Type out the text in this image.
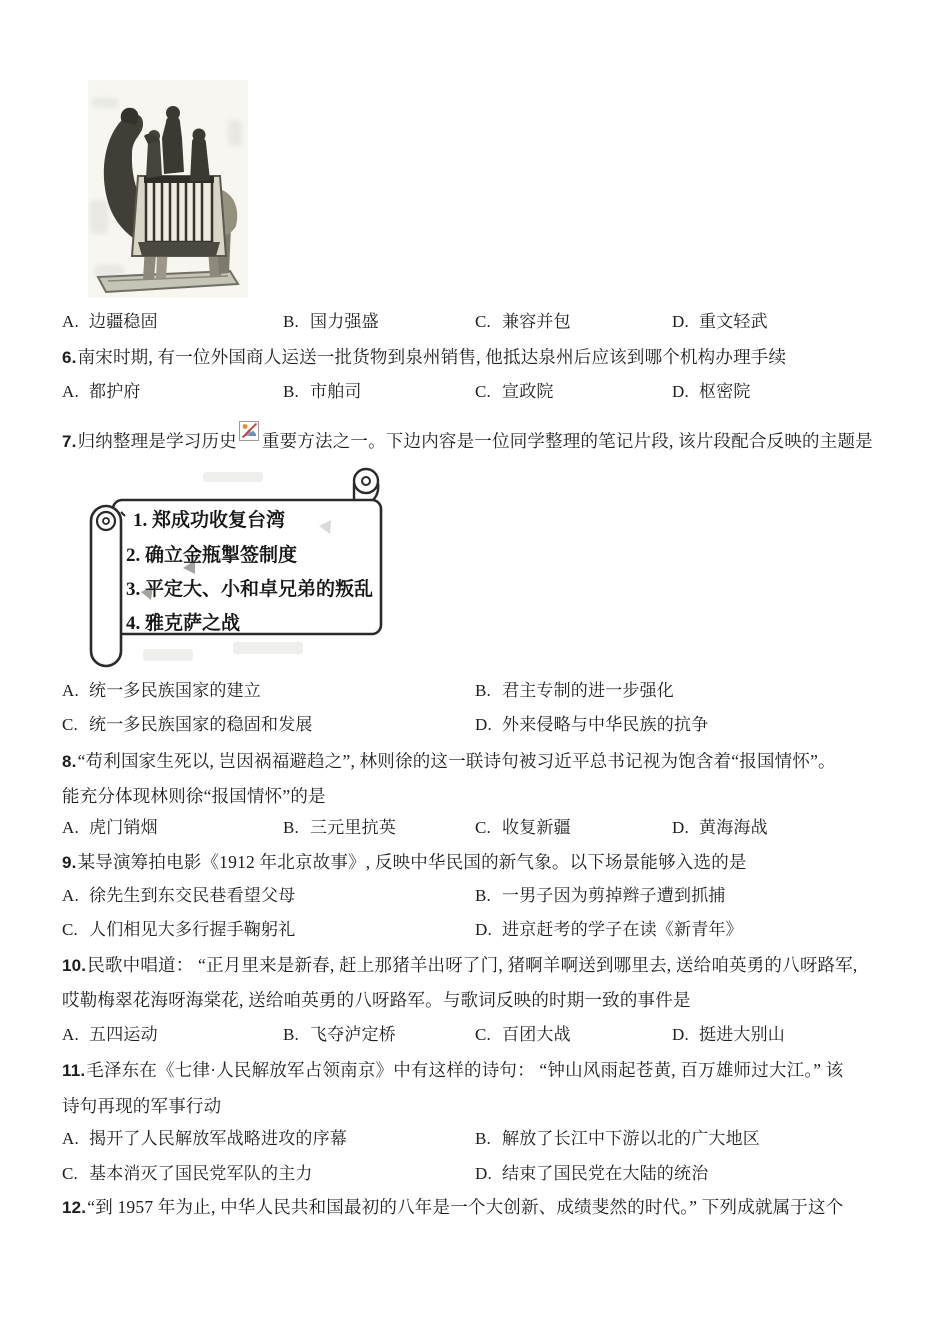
A. 边疆稳固	B. 国力强盛	C. 兼容并包	D. 重文轻武
6.南宋时期, 有一位外国商人运送一批货物到泉州销售, 他抵达泉州后应该到哪个机构办理手续
A. 都护府	B. 市舶司	C. 宣政院	D. 枢密院
7.归纳整理是学习历史 重要方法之一。下边内容是一位同学整理的笔记片段, 该片段配合反映的主题是
1. 郑成功收复台湾
2. 确立金瓶掣签制度
3. 平定大、小和卓兄弟的叛乱
4. 雅克萨之战
A. 统一多民族国家的建立	B. 君主专制的进一步强化
C. 统一多民族国家的稳固和发展	D. 外来侵略与中华民族的抗争
8.“苟利国家生死以, 岂因祸福避趋之”, 林则徐的这一联诗句被习近平总书记视为饱含着“报国情怀”。
能充分体现林则徐“报国情怀”的是
A. 虎门销烟	B. 三元里抗英	C. 收复新疆	D. 黄海海战
9.某导演筹拍电影《1912 年北京故事》, 反映中华民国的新气象。以下场景能够入选的是
A. 徐先生到东交民巷看望父母	B. 一男子因为剪掉辫子遭到抓捕
C. 人们相见大多行握手鞠躬礼	D. 进京赶考的学子在读《新青年》
10.民歌中唱道： “正月里来是新春, 赶上那猪羊出呀了门, 猪啊羊啊送到哪里去, 送给咱英勇的八呀路军,
哎勒梅翠花海呀海棠花, 送给咱英勇的八呀路军。与歌词反映的时期一致的事件是
A. 五四运动	B. 飞夺泸定桥	C. 百团大战	D. 挺进大别山
11.毛泽东在《七律·人民解放军占领南京》中有这样的诗句： “钟山风雨起苍黄, 百万雄师过大江。” 该
诗句再现的军事行动
A. 揭开了人民解放军战略进攻的序幕	B. 解放了长江中下游以北的广大地区
C. 基本消灭了国民党军队的主力	D. 结束了国民党在大陆的统治
12.“到 1957 年为止, 中华人民共和国最初的八年是一个大创新、成绩斐然的时代。” 下列成就属于这个
